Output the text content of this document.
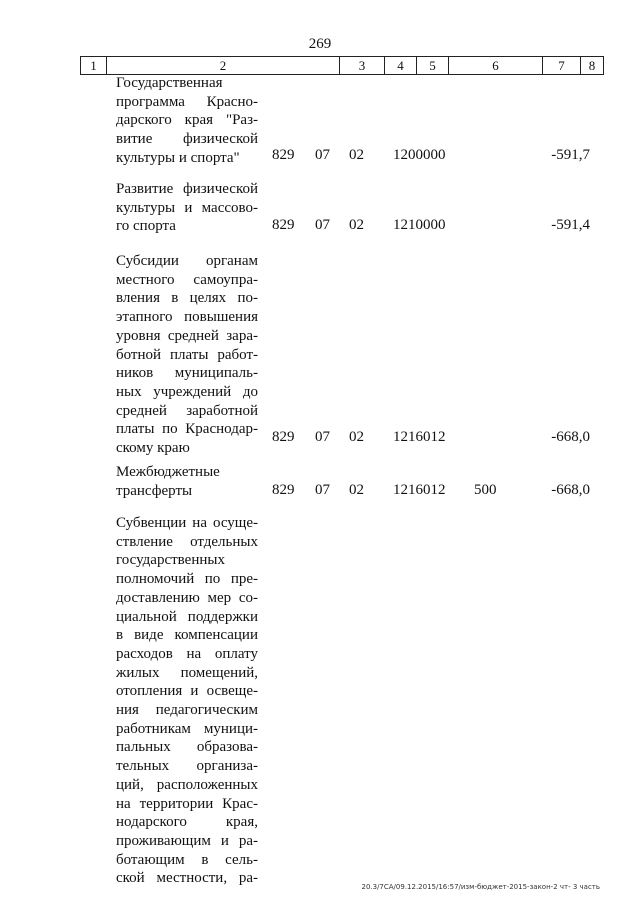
269
1	2	3	4	5	6	7	8
Государственная
программа Красно-
дарского края "Раз-
витие физической
культуры и спорта"	829 07 02 1200000	-591,7
Развитие физической
культуры и массово-
го спорта	829 07 02 1210000	-591,4
Субсидии органам
местного самоупра-
вления в целях по-
этапного повышения
уровня средней зара-
ботной платы работ-
ников муниципаль-
ных учреждений до
средней заработной
платы по Краснодар-
скому краю
829 07 02 1216012	-668,0
Межбюджетные
трансферты	829 07 02 1216012 500	-668,0
Субвенции на осуще-
ствление отдельных
государственных
полномочий по пре-
доставлению мер со-
циальной поддержки
в виде компенсации
расходов на оплату
жилых помещений,
отопления и освеще-
ния педагогическим
работникам муници-
пальных образова-
тельных организа-
ций, расположенных
на территории Крас-
нодарского края,
проживающим и ра-
ботающим в сель-
ской местности, ра-
20.3/7СА/09.12.2015/16:57/изм-бюджет-2015-закон-2 чт- 3 часть
